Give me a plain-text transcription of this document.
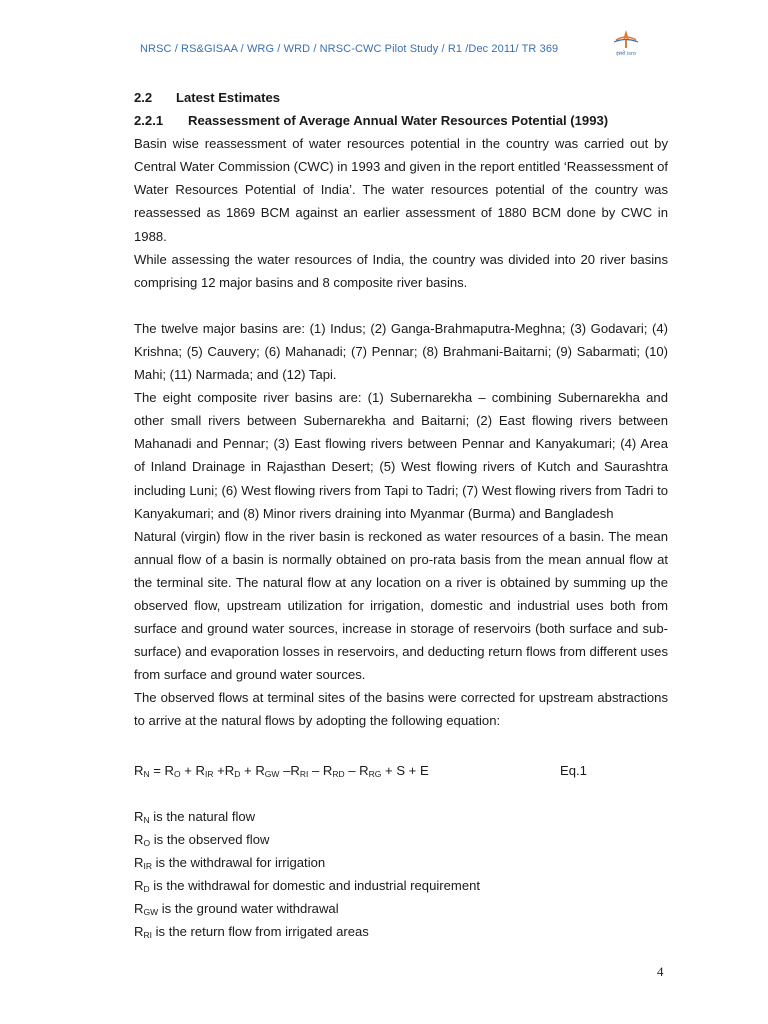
NRSC / RS&GISAA / WRG / WRD / NRSC-CWC Pilot Study / R1 /Dec 2011/ TR 369	इसरो isro

2.2 Latest Estimates

2.2.1 Reassessment of Average Annual Water Resources Potential (1993)

Basin wise reassessment of water resources potential in the country was carried out by Central Water Commission (CWC) in 1993 and given in the report entitled ‘Reassessment of Water Resources Potential of India’. The water resources potential of the country was reassessed as 1869 BCM against an earlier assessment of 1880 BCM done by CWC in 1988.

While assessing the water resources of India, the country was divided into 20 river basins comprising 12 major basins and 8 composite river basins.

The twelve major basins are: (1) Indus; (2) Ganga-Brahmaputra-Meghna; (3) Godavari; (4) Krishna; (5) Cauvery; (6) Mahanadi; (7) Pennar; (8) Brahmani-Baitarni; (9) Sabarmati; (10) Mahi; (11) Narmada; and (12) Tapi.

The eight composite river basins are: (1) Subernarekha – combining Subernarekha and other small rivers between Subernarekha and Baitarni; (2) East flowing rivers between Mahanadi and Pennar; (3) East flowing rivers between Pennar and Kanyakumari; (4) Area of Inland Drainage in Rajasthan Desert; (5) West flowing rivers of Kutch and Saurashtra including Luni; (6) West flowing rivers from Tapi to Tadri; (7) West flowing rivers from Tadri to Kanyakumari; and (8) Minor rivers draining into Myanmar (Burma) and Bangladesh

Natural (virgin) flow in the river basin is reckoned as water resources of a basin. The mean annual flow of a basin is normally obtained on pro-rata basis from the mean annual flow at the terminal site. The natural flow at any location on a river is obtained by summing up the observed flow, upstream utilization for irrigation, domestic and industrial uses both from surface and ground water sources, increase in storage of reservoirs (both surface and sub-surface) and evaporation losses in reservoirs, and deducting return flows from different uses from surface and ground water sources.

The observed flows at terminal sites of the basins were corrected for upstream abstractions to arrive at the natural flows by adopting the following equation:

$R_N = R_O + R_{IR} +R_D + R_{GW}$ $-R_{RI} - R_{RD} - R_{RG} + S + E$	Eq.1

$R_N$ is the natural flow

$R_O$ is the observed flow

$R_{IR}$ is the withdrawal for irrigation

$R_D$ is the withdrawal for domestic and industrial requirement

$R_{GW}$ is the ground water withdrawal

$R_{RI}$ is the return flow from irrigated areas

4
